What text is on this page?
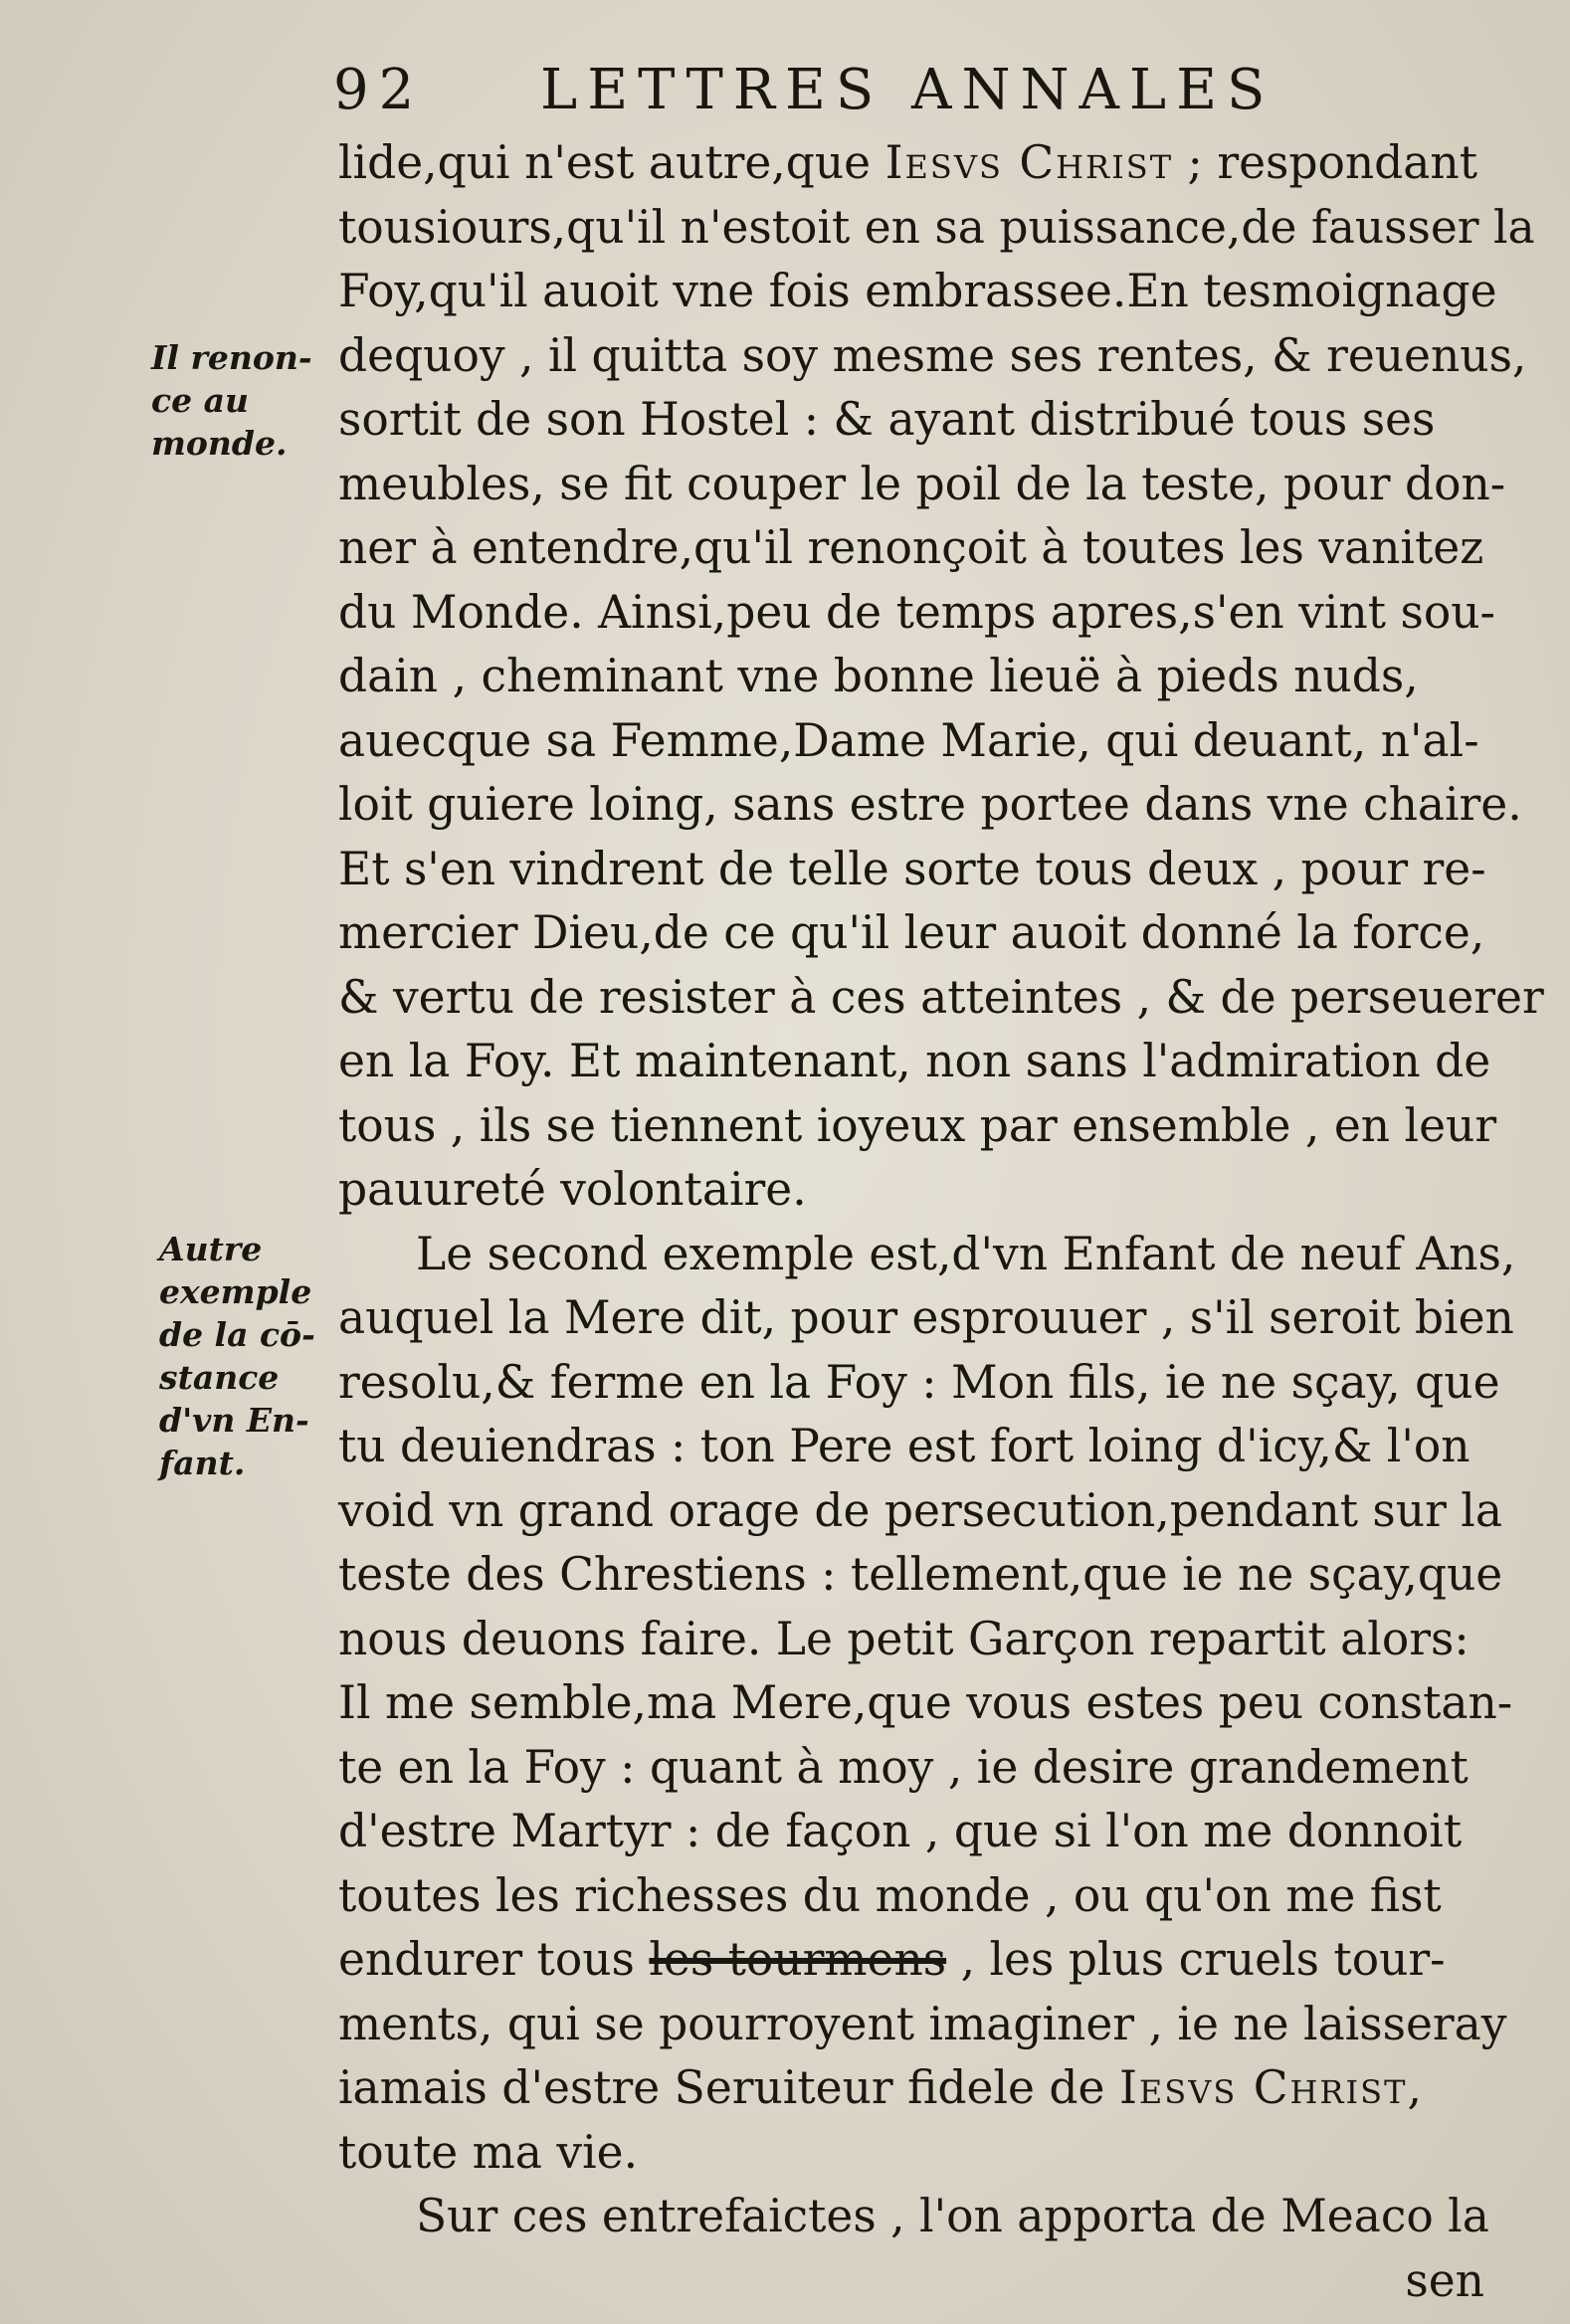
92 LETTRES ANNALES
Il renon-
ce au
monde.
Autre
exemple
de la cō-
stance
d'vn En-
fant.
lide,qui n'est autre,que Iesvs Christ ; respondant
tousiours,qu'il n'estoit en sa puissance,de fausser la
Foy,qu'il auoit vne fois embrassee.En tesmoignage
dequoy , il quitta soy mesme ses rentes, & reuenus,
sortit de son Hostel : & ayant distribué tous ses
meubles, se fit couper le poil de la teste, pour don-
ner à entendre,qu'il renonçoit à toutes les vanitez
du Monde. Ainsi,peu de temps apres,s'en vint sou-
dain , cheminant vne bonne lieuë à pieds nuds,
auecque sa Femme,Dame Marie, qui deuant, n'al-
loit guiere loing, sans estre portee dans vne chaire.
Et s'en vindrent de telle sorte tous deux , pour re-
mercier Dieu,de ce qu'il leur auoit donné la force,
& vertu de resister à ces atteintes , & de perseuerer
en la Foy. Et maintenant, non sans l'admiration de
tous , ils se tiennent ioyeux par ensemble , en leur
pauureté volontaire.
Le second exemple est,d'vn Enfant de neuf Ans,
auquel la Mere dit, pour esprouuer , s'il seroit bien
resolu,& ferme en la Foy : Mon fils, ie ne sçay, que
tu deuiendras : ton Pere est fort loing d'icy,& l'on
void vn grand orage de persecution,pendant sur la
teste des Chrestiens : tellement,que ie ne sçay,que
nous deuons faire. Le petit Garçon repartit alors:
Il me semble,ma Mere,que vous estes peu constan-
te en la Foy : quant à moy , ie desire grandement
d'estre Martyr : de façon , que si l'on me donnoit
toutes les richesses du monde , ou qu'on me fist
endurer tous les tourmens , les plus cruels tour-
ments, qui se pourroyent imaginer , ie ne laisseray
iamais d'estre Seruiteur fidele de Iesvs Christ,
toute ma vie.
Sur ces entrefaictes , l'on apporta de Meaco la
sen
